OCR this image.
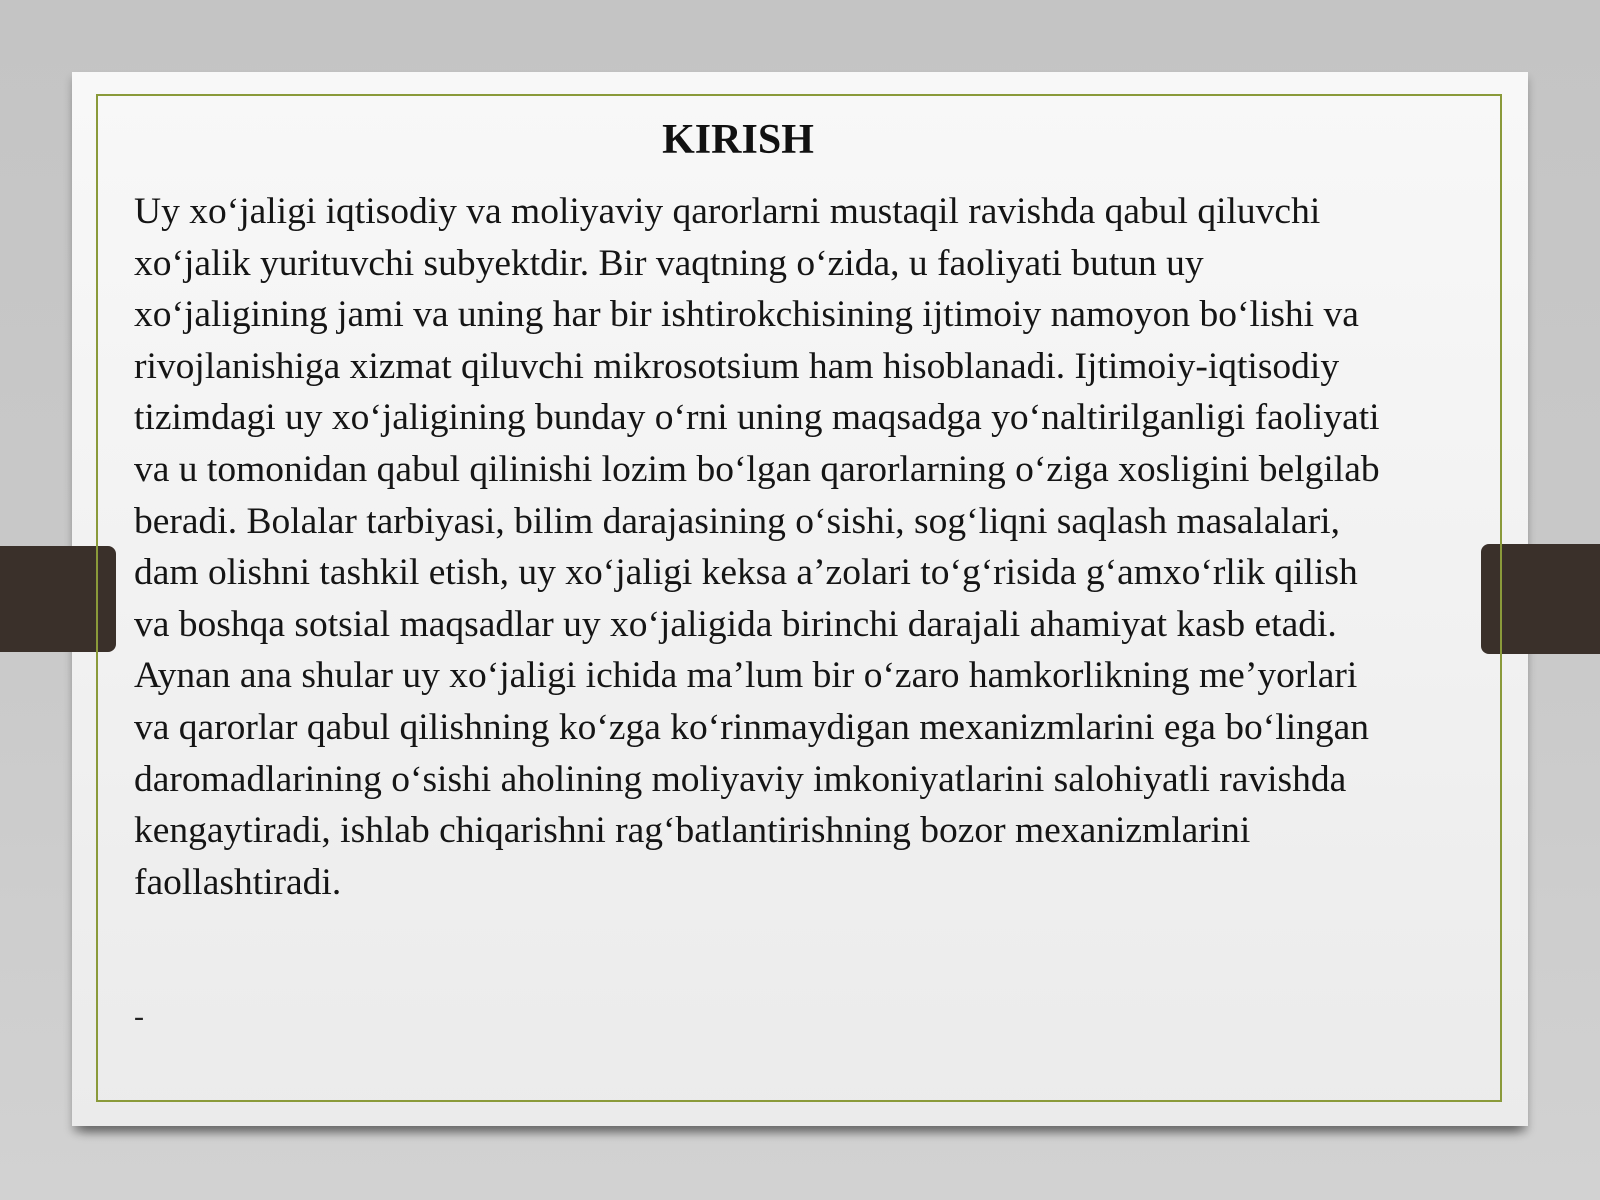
KIRISH

Uy xo‘jaligi iqtisodiy va moliyaviy qarorlarni mustaqil ravishda qabul qiluvchi
xo‘jalik yurituvchi subyektdir. Bir vaqtning o‘zida, u faoliyati butun uy
xo‘jaligining jami va uning har bir ishtirokchisining ijtimoiy namoyon bo‘lishi va
rivojlanishiga xizmat qiluvchi mikrosotsium ham hisoblanadi. Ijtimoiy-iqtisodiy
tizimdagi uy xo‘jaligining bunday o‘rni uning maqsadga yo‘naltirilganligi faoliyati
va u tomonidan qabul qilinishi lozim bo‘lgan qarorlarning o‘ziga xosligini belgilab
beradi. Bolalar tarbiyasi, bilim darajasining o‘sishi, sog‘liqni saqlash masalalari,
dam olishni tashkil etish, uy xo‘jaligi keksa a’zolari to‘g‘risida g‘amxo‘rlik qilish
va boshqa sotsial maqsadlar uy xo‘jaligida birinchi darajali ahamiyat kasb etadi.
Aynan ana shular uy xo‘jaligi ichida ma’lum bir o‘zaro hamkorlikning me’yorlari
va qarorlar qabul qilishning ko‘zga ko‘rinmaydigan mexanizmlarini ega bo‘lingan
daromadlarining o‘sishi aholining moliyaviy imkoniyatlarini salohiyatli ravishda
kengaytiradi, ishlab chiqarishni rag‘batlantirishning bozor mexanizmlarini
faollashtiradi.

-
